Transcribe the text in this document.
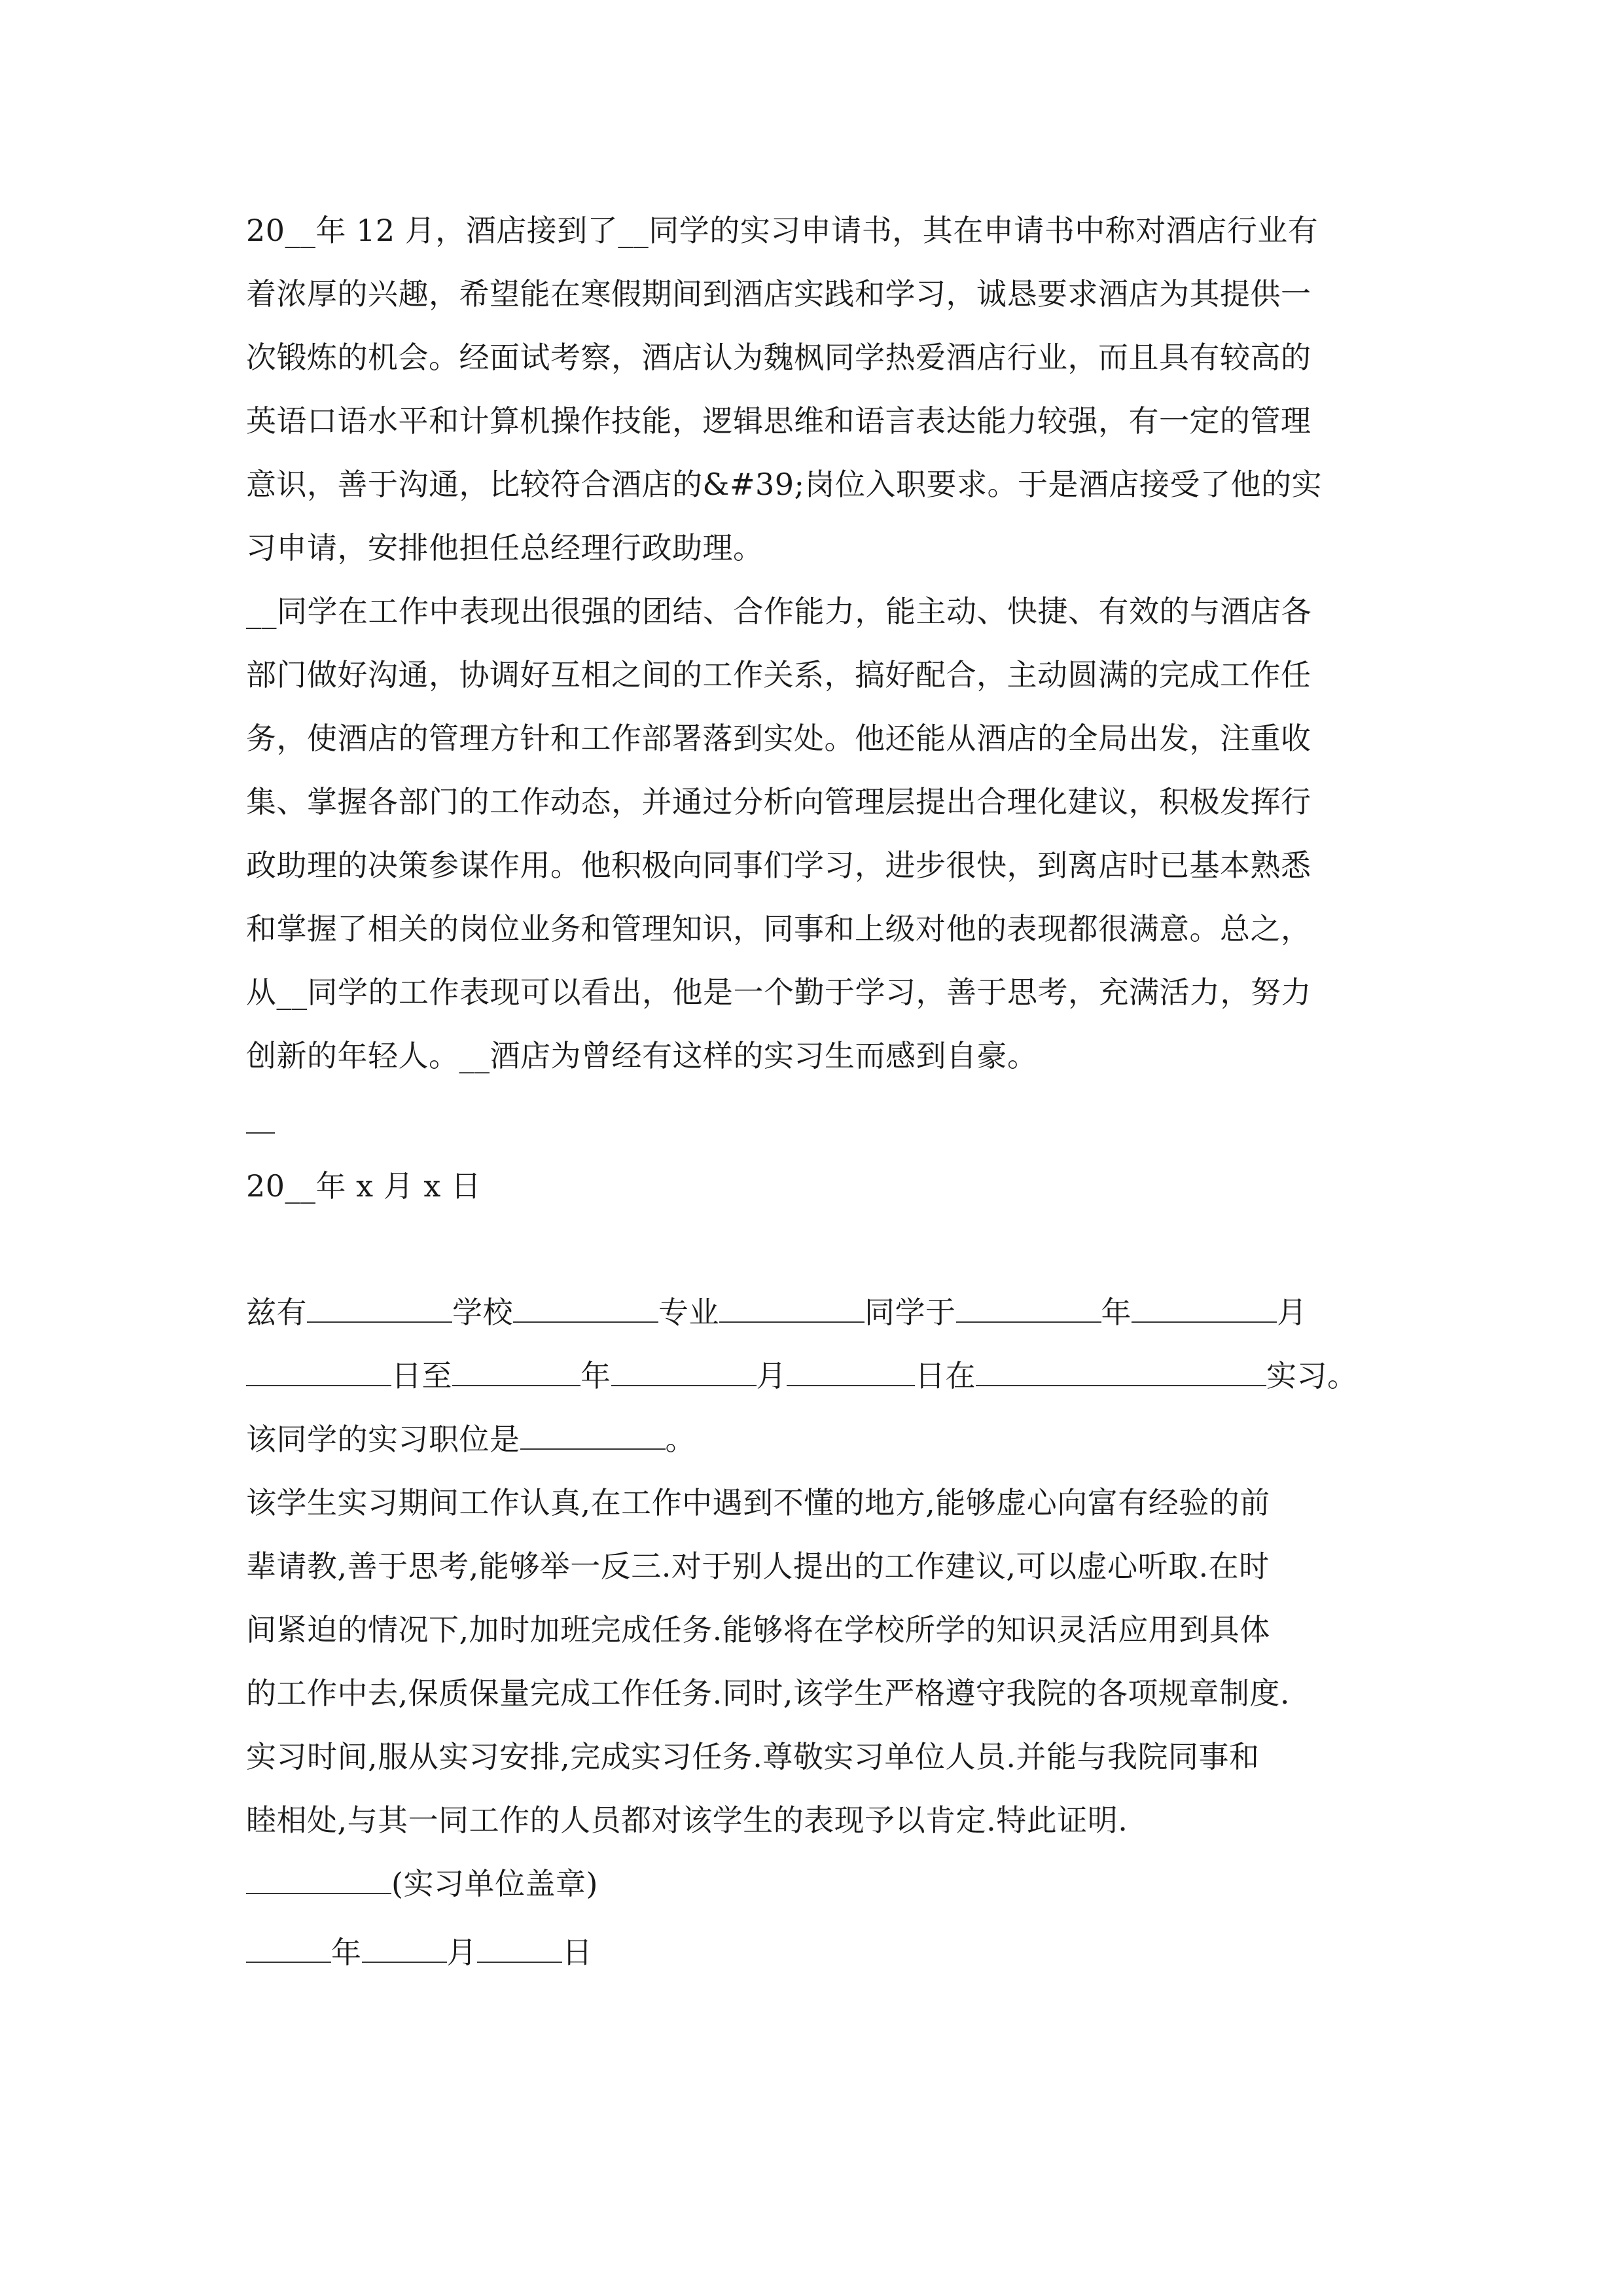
20__年 12 月，酒店接到了__同学的实习申请书，其在申请书中称对酒店行业有
着浓厚的兴趣，希望能在寒假期间到酒店实践和学习，诚恳要求酒店为其提供一
次锻炼的机会。经面试考察，酒店认为魏枫同学热爱酒店行业，而且具有较高的
英语口语水平和计算机操作技能，逻辑思维和语言表达能力较强，有一定的管理
意识，善于沟通，比较符合酒店的&#39;岗位入职要求。于是酒店接受了他的实
习申请，安排他担任总经理行政助理。
__同学在工作中表现出很强的团结、合作能力，能主动、快捷、有效的与酒店各
部门做好沟通，协调好互相之间的工作关系，搞好配合，主动圆满的完成工作任
务，使酒店的管理方针和工作部署落到实处。他还能从酒店的全局出发，注重收
集、掌握各部门的工作动态，并通过分析向管理层提出合理化建议，积极发挥行
政助理的决策参谋作用。他积极向同事们学习，进步很快，到离店时已基本熟悉
和掌握了相关的岗位业务和管理知识，同事和上级对他的表现都很满意。总之，
从__同学的工作表现可以看出，他是一个勤于学习，善于思考，充满活力，努力
创新的年轻人。__酒店为曾经有这样的实习生而感到自豪。
20__年 x 月 x 日
兹有	学校	专业	同学于	年	月
日至	年	月	日在	实习。
该同学的实习职位是	。
该学生实习期间工作认真,在工作中遇到不懂的地方,能够虚心向富有经验的前
辈请教,善于思考,能够举一反三.对于别人提出的工作建议,可以虚心听取.在时
间紧迫的情况下,加时加班完成任务.能够将在学校所学的知识灵活应用到具体
的工作中去,保质保量完成工作任务.同时,该学生严格遵守我院的各项规章制度.
实习时间,服从实习安排,完成实习任务.尊敬实习单位人员.并能与我院同事和
睦相处,与其一同工作的人员都对该学生的表现予以肯定.特此证明.
(实习单位盖章)
年	月	日
